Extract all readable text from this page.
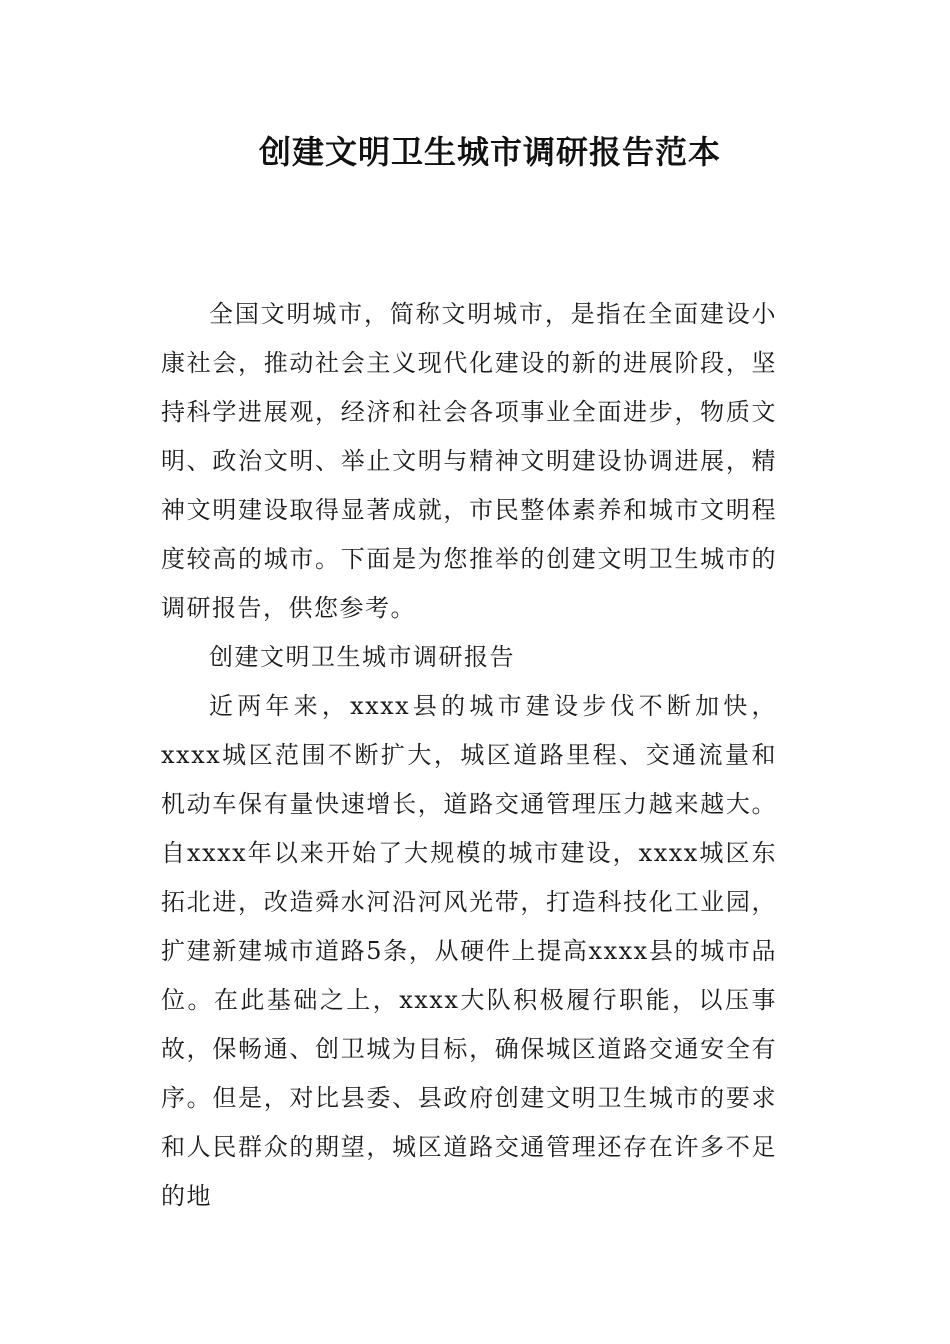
创建文明卫生城市调研报告范本

全国文明城市，简称文明城市，是指在全面建设小康社会，推动社会主义现代化建设的新的进展阶段，坚持科学进展观，经济和社会各项事业全面进步，物质文明、政治文明、举止文明与精神文明建设协调进展，精神文明建设取得显著成就，市民整体素养和城市文明程度较高的城市。下面是为您推举的创建文明卫生城市的调研报告，供您参考。

创建文明卫生城市调研报告

近两年来，xxxx县的城市建设步伐不断加快，xxxx城区范围不断扩大，城区道路里程、交通流量和机动车保有量快速增长，道路交通管理压力越来越大。自xxxx年以来开始了大规模的城市建设，xxxx城区东拓北进，改造舜水河沿河风光带，打造科技化工业园，扩建新建城市道路5条，从硬件上提高xxxx县的城市品位。在此基础之上，xxxx大队积极履行职能，以压事故，保畅通、创卫城为目标，确保城区道路交通安全有序。但是，对比县委、县政府创建文明卫生城市的要求和人民群众的期望，城区道路交通管理还存在许多不足的地
